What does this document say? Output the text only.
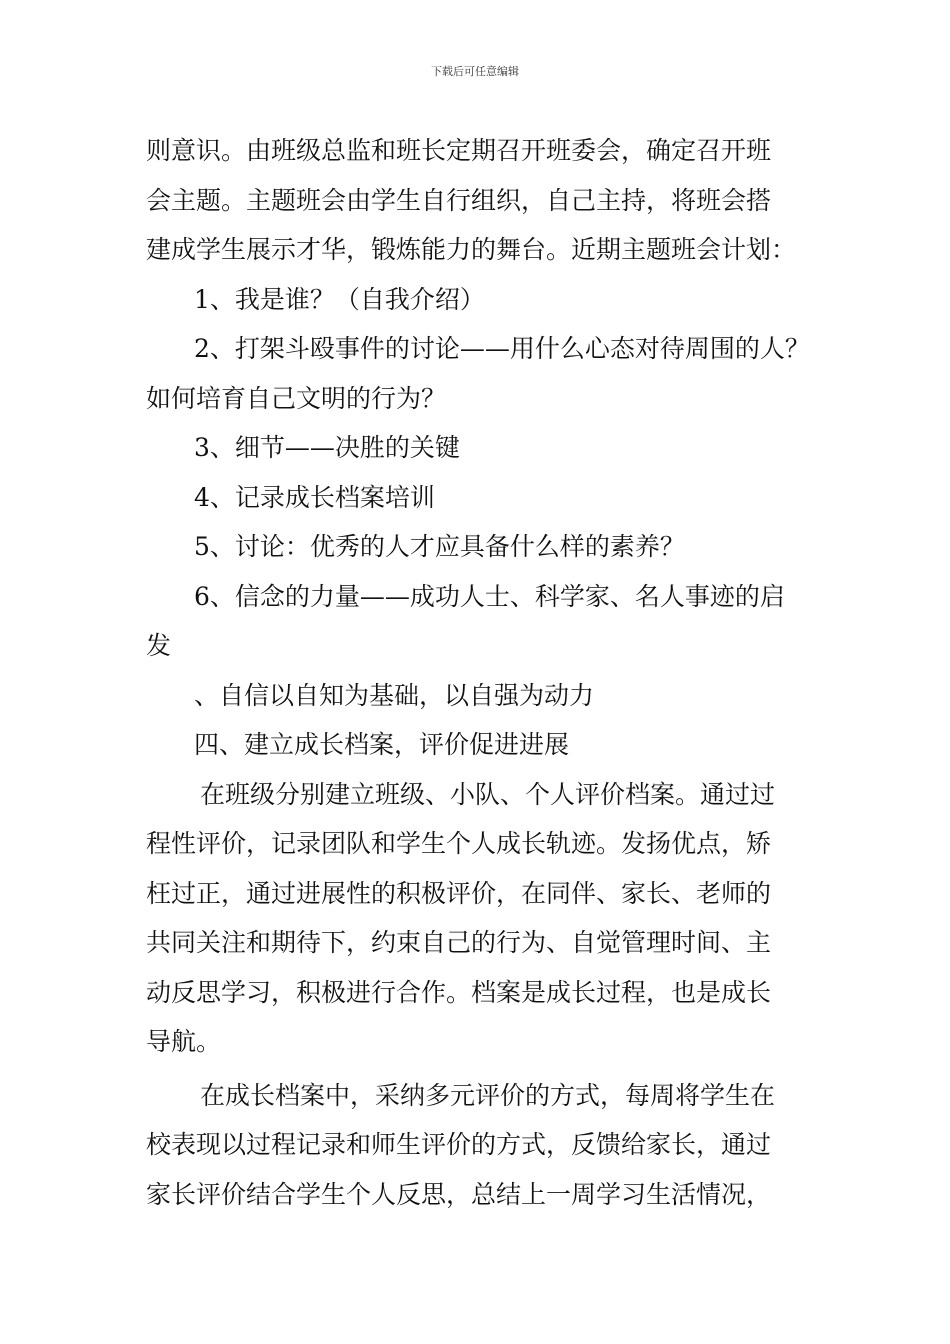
下载后可任意编辑
则意识。由班级总监和班长定期召开班委会，确定召开班
会主题。主题班会由学生自行组织，自己主持，将班会搭
建成学生展示才华，锻炼能力的舞台。近期主题班会计划：
1、我是谁？（自我介绍）
2、打架斗殴事件的讨论——用什么心态对待周围的人？
如何培育自己文明的行为？
3、细节——决胜的关键
4、记录成长档案培训
5、讨论：优秀的人才应具备什么样的素养？
6、信念的力量——成功人士、科学家、名人事迹的启
发
、自信以自知为基础，以自强为动力
四、建立成长档案，评价促进进展
在班级分别建立班级、小队、个人评价档案。通过过
程性评价，记录团队和学生个人成长轨迹。发扬优点，矫
枉过正，通过进展性的积极评价，在同伴、家长、老师的
共同关注和期待下，约束自己的行为、自觉管理时间、主
动反思学习，积极进行合作。档案是成长过程，也是成长
导航。
在成长档案中，采纳多元评价的方式，每周将学生在
校表现以过程记录和师生评价的方式，反馈给家长，通过
家长评价结合学生个人反思，总结上一周学习生活情况，
